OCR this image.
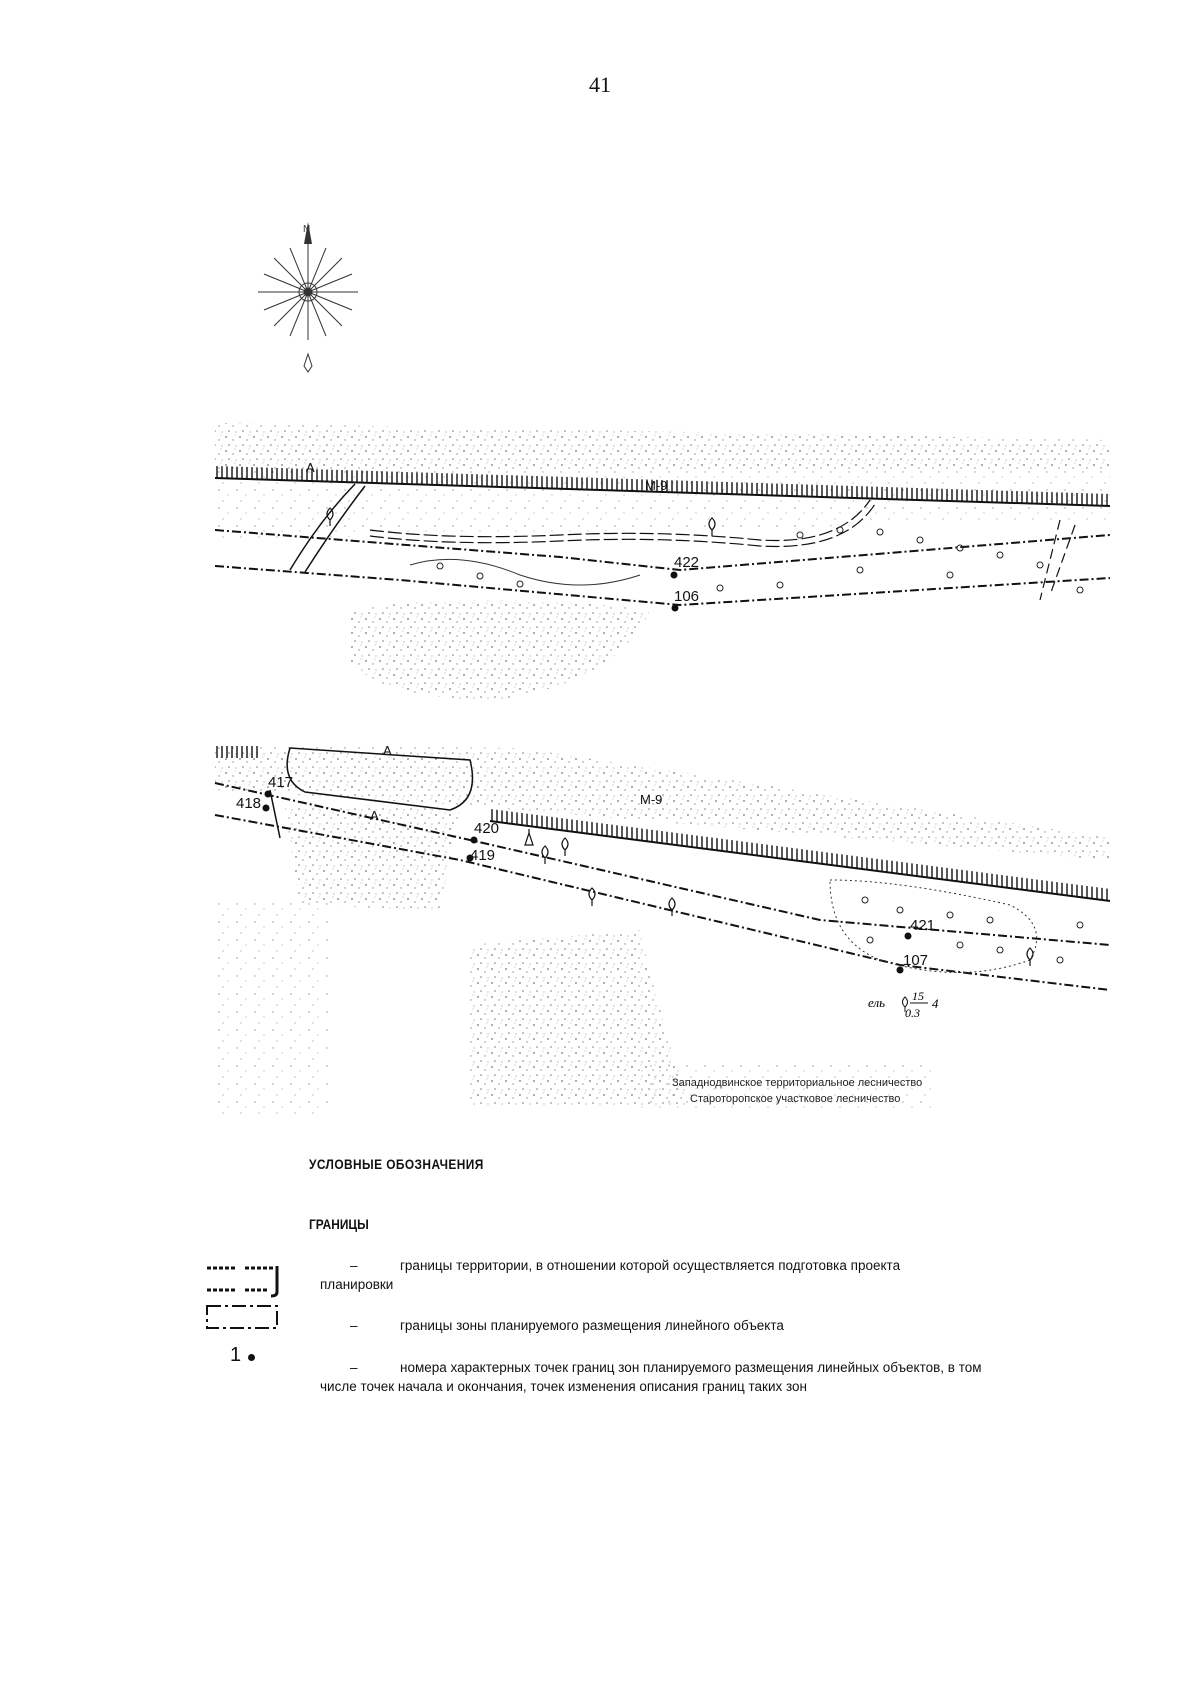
41
N
М-9
А
422
106
М-9
А
А
417
418
420
419
421
107
ель 15
0.3
4
Западнодвинское территориальное лесничество
Староторопское участковое лесничество
УСЛОВНЫЕ ОБОЗНАЧЕНИЯ
ГРАНИЦЫ
1
–	границы территории, в отношении которой осуществляется подготовка проекта планировки
–	границы зоны планируемого размещения линейного объекта
–	номера характерных точек границ зон планируемого размещения линейных объектов, в том числе точек начала и окончания, точек изменения описания границ таких зон
